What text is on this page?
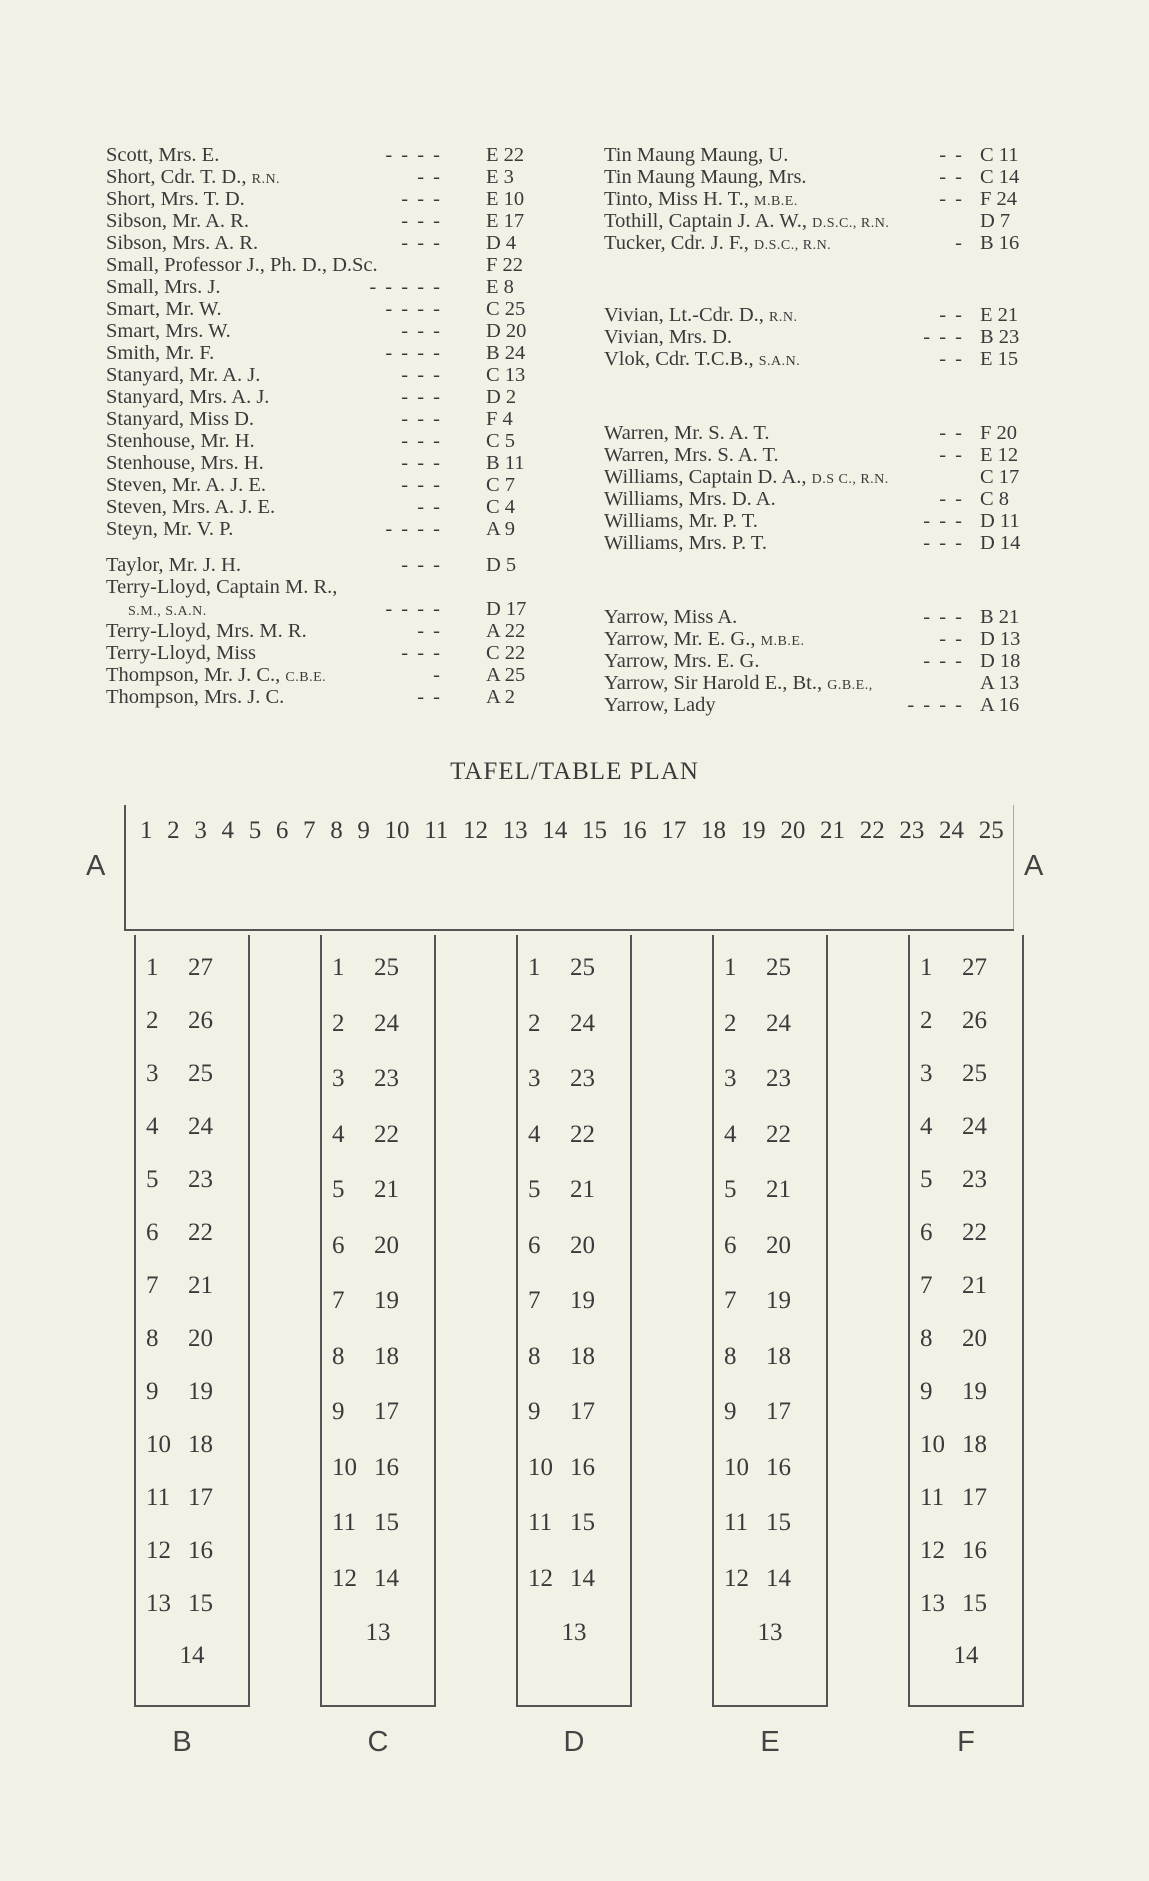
Scott, Mrs. E.	- - - - E 22
Short, Cdr. T. D., R.N.	- - E 3
Short, Mrs. T. D.	- - - E 10
Sibson, Mr. A. R.	- - - E 17
Sibson, Mrs. A. R.	- - - D 4
Small, Professor J., Ph. D., D.Sc.	F 22
Small, Mrs. J.	- - - - - E 8
Smart, Mr. W.	- - - - C 25
Smart, Mrs. W.	- - - D 20
Smith, Mr. F.	- - - - B 24
Stanyard, Mr. A. J.	- - - C 13
Stanyard, Mrs. A. J.	- - - D 2
Stanyard, Miss D.	- - - F 4
Stenhouse, Mr. H.	- - - C 5
Stenhouse, Mrs. H.	- - - B 11
Steven, Mr. A. J. E.	- - - C 7
Steven, Mrs. A. J. E.	- - C 4
Steyn, Mr. V. P.	- - - - A 9
Taylor, Mr. J. H.	- - - D 5
Terry-Lloyd, Captain M. R.,
S.M., S.A.N.	- - - - D 17
Terry-Lloyd, Mrs. M. R.	- - A 22
Terry-Lloyd, Miss	- - - C 22
Thompson, Mr. J. C., C.B.E.	- A 25
Thompson, Mrs. J. C.	- - A 2
Tin Maung Maung, U.	- - C 11
Tin Maung Maung, Mrs.	- - C 14
Tinto, Miss H. T., M.B.E.	- - F 24
Tothill, Captain J. A. W., D.S.C., R.N.	D 7
Tucker, Cdr. J. F., D.S.C., R.N.	- B 16
Vivian, Lt.-Cdr. D., R.N.	- - E 21
Vivian, Mrs. D.	- - - B 23
Vlok, Cdr. T.C.B., S.A.N.	- - E 15
Warren, Mr. S. A. T.	- - F 20
Warren, Mrs. S. A. T.	- - E 12
Williams, Captain D. A., D.S C., R.N.	C 17
Williams, Mrs. D. A.	- - C 8
Williams, Mr. P. T.	- - - D 11
Williams, Mrs. P. T.	- - - D 14
Yarrow, Miss A.	- - - B 21
Yarrow, Mr. E. G., M.B.E.	- - D 13
Yarrow, Mrs. E. G.	- - - D 18
Yarrow, Sir Harold E., Bt., G.B.E.,	A 13
Yarrow, Lady	- - - - A 16
TAFEL/TABLE PLAN
A	A
1 2 3 4 5 6 7 8 9 10 11 12 13 14 15 16 17 18 19 20 21 22 23 24 25
1 27
2 26
3 25
4 24
5 23
6 22
7 21
8 20
9 19
10 18
11 17
12 16
13 15
14
B
1 25
2 24
3 23
4 22
5 21
6 20
7 19
8 18
9 17
10 16
11 15
12 14
13
C
1 25
2 24
3 23
4 22
5 21
6 20
7 19
8 18
9 17
10 16
11 15
12 14
13
D
1 25
2 24
3 23
4 22
5 21
6 20
7 19
8 18
9 17
10 16
11 15
12 14
13
E
1 27
2 26
3 25
4 24
5 23
6 22
7 21
8 20
9 19
10 18
11 17
12 16
13 15
14
F
